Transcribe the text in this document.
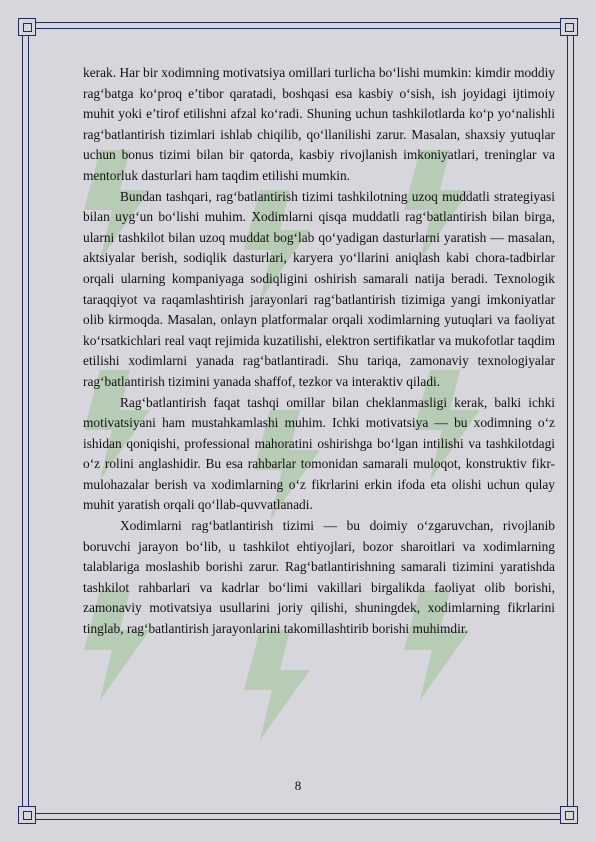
kerak. Har bir xodimning motivatsiya omillari turlicha bo‘lishi mumkin: kimdir moddiy rag‘batga ko‘proq e’tibor qaratadi, boshqasi esa kasbiy o‘sish, ish joyidagi ijtimoiy muhit yoki e’tirof etilishni afzal ko‘radi. Shuning uchun tashkilotlarda ko‘p yo‘nalishli rag‘batlantirish tizimlari ishlab chiqilib, qo‘llanilishi zarur. Masalan, shaxsiy yutuqlar uchun bonus tizimi bilan bir qatorda, kasbiy rivojlanish imkoniyatlari, treninglar va mentorluk dasturlari ham taqdim etilishi mumkin.

Bundan tashqari, rag‘batlantirish tizimi tashkilotning uzoq muddatli strategiyasi bilan uyg‘un bo‘lishi muhim. Xodimlarni qisqa muddatli rag‘batlantirish bilan birga, ularni tashkilot bilan uzoq muddat bog‘lab qo‘yadigan dasturlarni yaratish — masalan, aktsiyalar berish, sodiqlik dasturlari, karyera yo‘llarini aniqlash kabi chora-tadbirlar orqali ularning kompaniyaga sodiqligini oshirish samarali natija beradi. Texnologik taraqqiyot va raqamlashtirish jarayonlari rag‘batlantirish tizimiga yangi imkoniyatlar olib kirmoqda. Masalan, onlayn platformalar orqali xodimlarning yutuqlari va faoliyat ko‘rsatkichlari real vaqt rejimida kuzatilishi, elektron sertifikatlar va mukofotlar taqdim etilishi xodimlarni yanada rag‘batlantiradi. Shu tariqa, zamonaviy texnologiyalar rag‘batlantirish tizimini yanada shaffof, tezkor va interaktiv qiladi.

Rag‘batlantirish faqat tashqi omillar bilan cheklanmasligi kerak, balki ichki motivatsiyani ham mustahkamlashi muhim. Ichki motivatsiya — bu xodimning o‘z ishidan qoniqishi, professional mahoratini oshirishga bo‘lgan intilishi va tashkilotdagi o‘z rolini anglashidir. Bu esa rahbarlar tomonidan samarali muloqot, konstruktiv fikr-mulohazalar berish va xodimlarning o‘z fikrlarini erkin ifoda eta olishi uchun qulay muhit yaratish orqali qo‘llab-quvvatlanadi.

Xodimlarni rag‘batlantirish tizimi — bu doimiy o‘zgaruvchan, rivojlanib boruvchi jarayon bo‘lib, u tashkilot ehtiyojlari, bozor sharoitlari va xodimlarning talablariga moslashib borishi zarur. Rag‘batlantirishning samarali tizimini yaratishda tashkilot rahbarlari va kadrlar bo‘limi vakillari birgalikda faoliyat olib borishi, zamonaviy motivatsiya usullarini joriy qilishi, shuningdek, xodimlarning fikrlarini tinglab, rag‘batlantirish jarayonlarini takomillashtirib borishi muhimdir.

8
